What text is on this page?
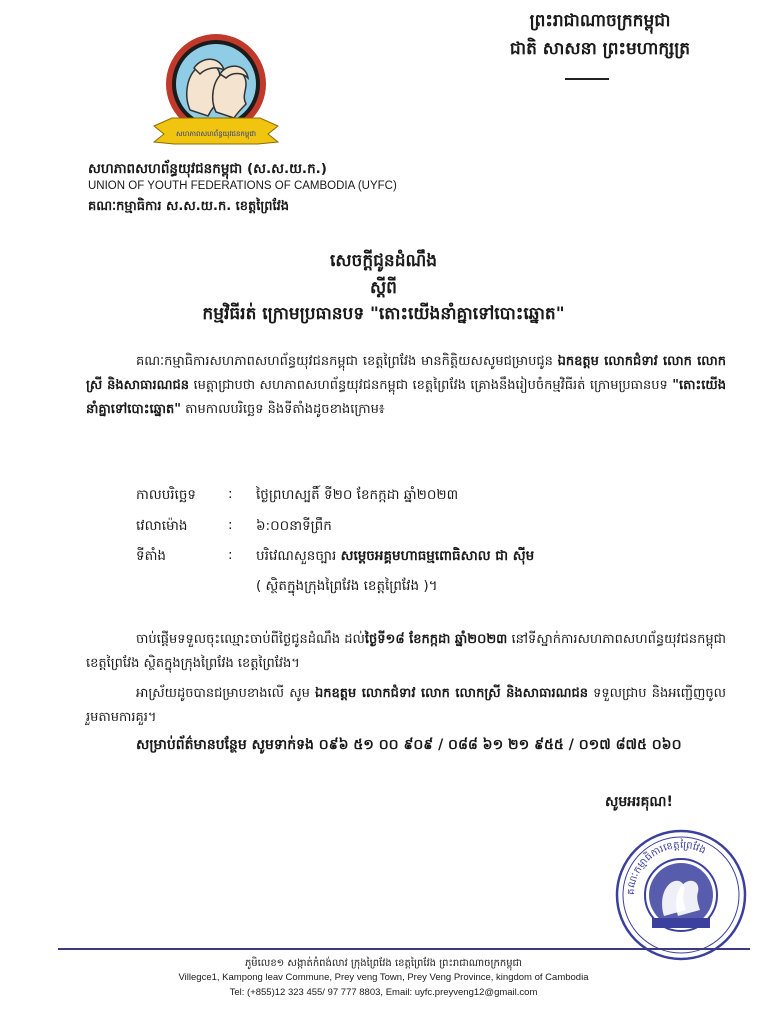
ព្រះរាជាណាចក្រកម្ពុជា
ជាតិ សាសនា ព្រះមហាក្សត្រ
សហភាពសហព័ន្ធយុវជនកម្ពុជា
សហភាពសហព័ន្ធយុវជនកម្ពុជា (ស.ស.យ.ក.)
UNION OF YOUTH FEDERATIONS OF CAMBODIA (UYFC)
គណៈកម្មាធិការ ស.ស.យ.ក. ខេត្តព្រៃវែង
សេចក្ដីជូនដំណឹង
ស្ដីពី
កម្មវិធីរត់ ក្រោមប្រធានបទ "តោះយើងនាំគ្នាទៅបោះឆ្នោត"
គណៈកម្មាធិការសហភាពសហព័ន្ធយុវជនកម្ពុជា ខេត្តព្រៃវែង មានកិត្តិយសសូមជម្រាបជូន ឯកឧត្តម លោកជំទាវ លោក លោកស្រី និងសាធារណជន មេត្តាជ្រាបថា សហភាពសហព័ន្ធយុវជនកម្ពុជា ខេត្តព្រៃវែង គ្រោងនឹងរៀបចំកម្មវិធីរត់ ក្រោមប្រធានបទ "តោះយើងនាំគ្នាទៅបោះឆ្នោត" តាមកាលបរិច្ឆេទ និងទីតាំងដូចខាងក្រោម៖
កាលបរិច្ឆេទ : ថ្ងៃព្រហស្បតិ៍ ទី២០ ខែកក្កដា ឆ្នាំ២០២៣
វេលាម៉ោង	: ៦:០០នាទីព្រឹក
ទីតាំង	: បរិវេណសួនច្បារ សម្ដេចអគ្គមហាធម្មពោធិសាល ជា ស៊ីម
( ស្ថិតក្នុងក្រុងព្រៃវែង ខេត្តព្រៃវែង )។
ចាប់ផ្ដើមទទួលចុះឈ្មោះចាប់ពីថ្ងៃជូនដំណឹង ដល់ថ្ងៃទី១៨ ខែកក្កដា ឆ្នាំ២០២៣ នៅទីស្នាក់ការសហភាពសហព័ន្ធយុវជនកម្ពុជា ខេត្តព្រៃវែង ស្ថិតក្នុងក្រុងព្រៃវែង ខេត្តព្រៃវែង។
អាស្រ័យដូចបានជម្រាបខាងលើ សូម ឯកឧត្តម លោកជំទាវ លោក លោកស្រី និងសាធារណជន ទទួលជ្រាប និងអញ្ជើញចូលរួមតាមការគួរ។
សម្រាប់ព័ត៌មានបន្ថែម សូមទាក់ទង ០៩៦ ៥១ ០០ ៩០៩ / ០៨៨ ៦១ ២១ ៩៥៥ / ០១៧ ៨៧៥ ០៦០
សូមអរគុណ!
គណៈកម្មាធិការខេត្តព្រៃវែង
ភូមិលេខ១ សង្កាត់កំពង់លាវ ក្រុងព្រៃវែង ខេត្តព្រៃវែង ព្រះរាជាណាចក្រកម្ពុជា
Villegce1, Kampong leav Commune, Prey veng Town, Prey Veng Province, kingdom of Cambodia
Tel: (+855)12 323 455/ 97 777 8803, Email: uyfc.preyveng12@gmail.com
